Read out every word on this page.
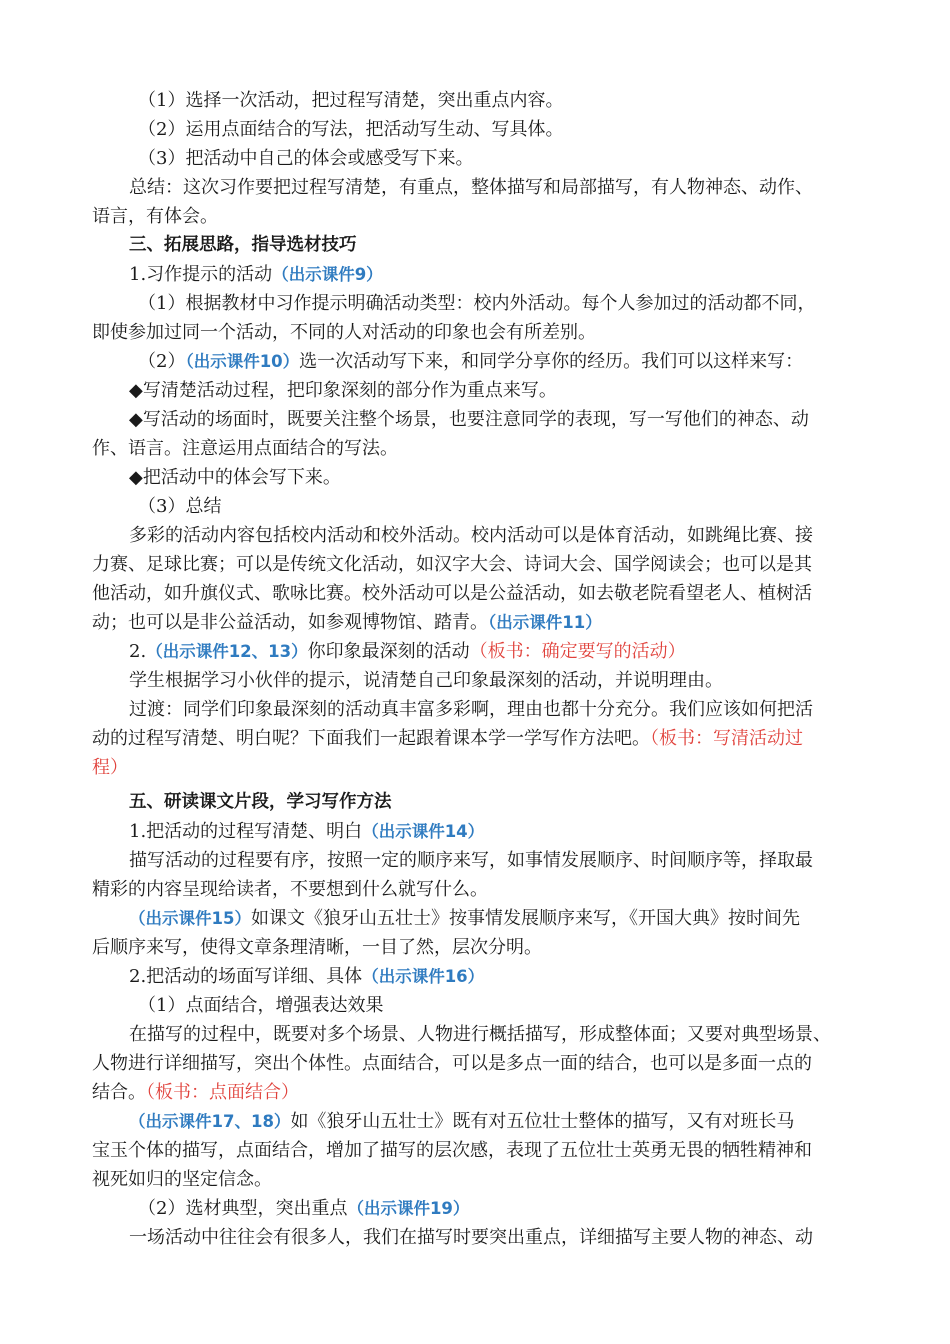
（1）选择一次活动，把过程写清楚，突出重点内容。
（2）运用点面结合的写法，把活动写生动、写具体。
（3）把活动中自己的体会或感受写下来。
总结：这次习作要把过程写清楚，有重点，整体描写和局部描写，有人物神态、动作、
语言，有体会。
三、拓展思路，指导选材技巧
1.习作提示的活动（出示课件9）
（1）根据教材中习作提示明确活动类型：校内外活动。每个人参加过的活动都不同，
即使参加过同一个活动，不同的人对活动的印象也会有所差别。
（2）（出示课件10）选一次活动写下来，和同学分享你的经历。我们可以这样来写：
◆写清楚活动过程，把印象深刻的部分作为重点来写。
◆写活动的场面时，既要关注整个场景，也要注意同学的表现，写一写他们的神态、动
作、语言。注意运用点面结合的写法。
◆把活动中的体会写下来。
（3）总结
多彩的活动内容包括校内活动和校外活动。校内活动可以是体育活动，如跳绳比赛、接
力赛、足球比赛；可以是传统文化活动，如汉字大会、诗词大会、国学阅读会；也可以是其
他活动，如升旗仪式、歌咏比赛。校外活动可以是公益活动，如去敬老院看望老人、植树活
动；也可以是非公益活动，如参观博物馆、踏青。（出示课件11）
2.（出示课件12、13）你印象最深刻的活动（板书：确定要写的活动）
学生根据学习小伙伴的提示，说清楚自己印象最深刻的活动，并说明理由。
过渡：同学们印象最深刻的活动真丰富多彩啊，理由也都十分充分。我们应该如何把活
动的过程写清楚、明白呢？下面我们一起跟着课本学一学写作方法吧。（板书：写清活动过
程）
五、研读课文片段，学习写作方法
1.把活动的过程写清楚、明白（出示课件14）
描写活动的过程要有序，按照一定的顺序来写，如事情发展顺序、时间顺序等，择取最
精彩的内容呈现给读者，不要想到什么就写什么。
（出示课件15）如课文《狼牙山五壮士》按事情发展顺序来写，《开国大典》按时间先
后顺序来写，使得文章条理清晰，一目了然，层次分明。
2.把活动的场面写详细、具体（出示课件16）
（1）点面结合，增强表达效果
在描写的过程中，既要对多个场景、人物进行概括描写，形成整体面；又要对典型场景、
人物进行详细描写，突出个体性。点面结合，可以是多点一面的结合，也可以是多面一点的
结合。（板书：点面结合）
（出示课件17、18）如《狼牙山五壮士》既有对五位壮士整体的描写，又有对班长马
宝玉个体的描写，点面结合，增加了描写的层次感，表现了五位壮士英勇无畏的牺牲精神和
视死如归的坚定信念。
（2）选材典型，突出重点（出示课件19）
一场活动中往往会有很多人，我们在描写时要突出重点，详细描写主要人物的神态、动
